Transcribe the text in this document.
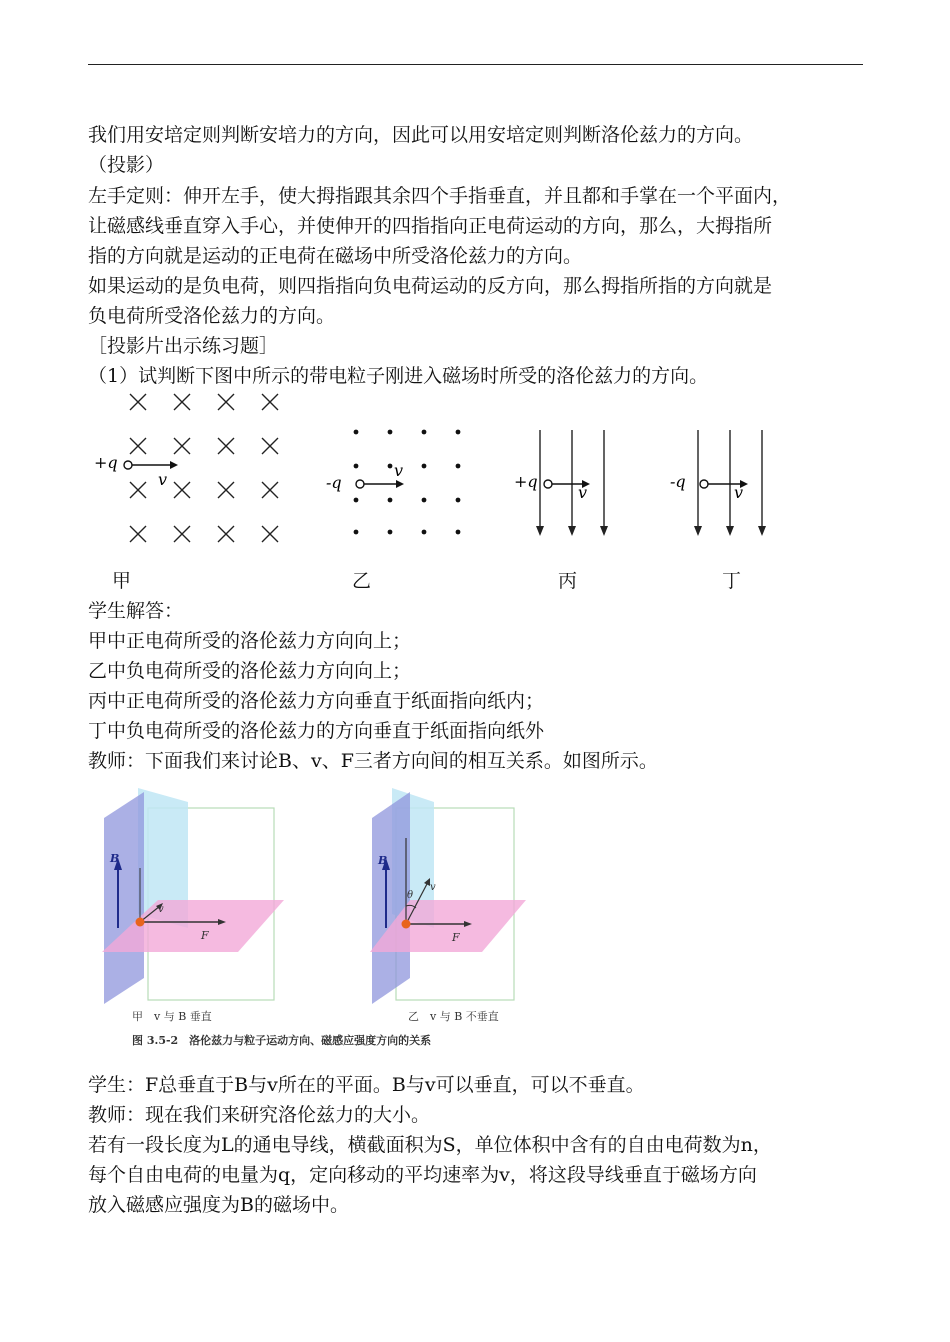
我们用安培定则判断安培力的方向，因此可以用安培定则判断洛伦兹力的方向。
（投影）
左手定则：伸开左手，使大拇指跟其余四个手指垂直，并且都和手掌在一个平面内，
让磁感线垂直穿入手心，并使伸开的四指指向正电荷运动的方向，那么，大拇指所
指的方向就是运动的正电荷在磁场中所受洛伦兹力的方向。
如果运动的是负电荷，则四指指向负电荷运动的反方向，那么拇指所指的方向就是
负电荷所受洛伦兹力的方向。
［投影片出示练习题］
（1）试判断下图中所示的带电粒子刚进入磁场时所受的洛伦兹力的方向。
+q
v	-q
v
+q
v
-q
v
甲	乙	丙	丁
学生解答：
甲中正电荷所受的洛伦兹力方向向上；
乙中负电荷所受的洛伦兹力方向向上；
丙中正电荷所受的洛伦兹力方向垂直于纸面指向纸内；
丁中负电荷所受的洛伦兹力的方向垂直于纸面指向纸外
教师：下面我们来讨论B、v、F三者方向间的相互关系。如图所示。
B
F
v
甲　v 与 B 垂直
B
v
θ
F
乙　v 与 B 不垂直
图 3.5-2　洛伦兹力与粒子运动方向、磁感应强度方向的关系
学生：F总垂直于B与v所在的平面。B与v可以垂直，可以不垂直。
教师：现在我们来研究洛伦兹力的大小。
若有一段长度为L的通电导线，横截面积为S，单位体积中含有的自由电荷数为n，
每个自由电荷的电量为q，定向移动的平均速率为v，将这段导线垂直于磁场方向
放入磁感应强度为B的磁场中。
